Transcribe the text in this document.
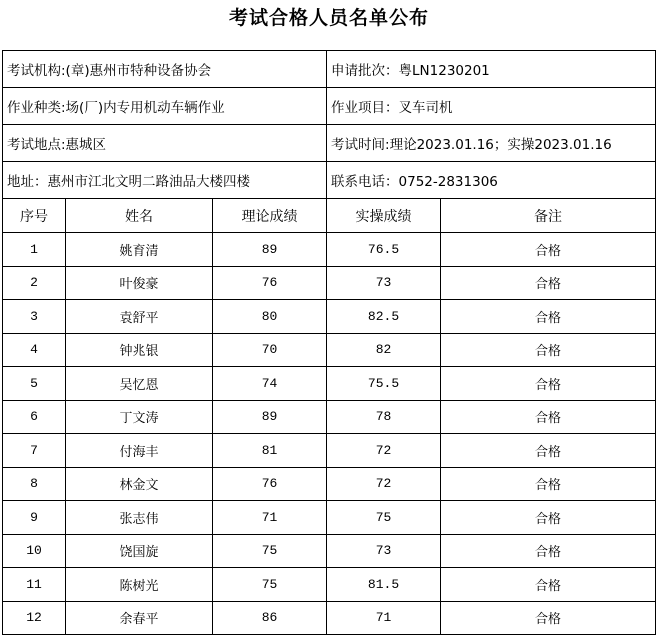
考试合格人员名单公布
考试机构:(章)惠州市特种设备协会			申请批次：粤LN1230201	
作业种类:场(厂)内专用机动车辆作业			作业项目：叉车司机	
考试地点:惠城区			考试时间:理论2023.01.16；实操2023.01.16	
地址：惠州市江北文明二路油品大楼四楼			联系电话：0752-2831306	
序号	姓名	理论成绩	实操成绩	备注
1	姚育清	89	76.5	合格
2	叶俊豪	76	73	合格
3	袁舒平	80	82.5	合格
4	钟兆银	70	82	合格
5	吴忆恩	74	75.5	合格
6	丁文涛	89	78	合格
7	付海丰	81	72	合格
8	林金文	76	72	合格
9	张志伟	71	75	合格
10	饶国旋	75	73	合格
11	陈树光	75	81.5	合格
12	余春平	86	71	合格
